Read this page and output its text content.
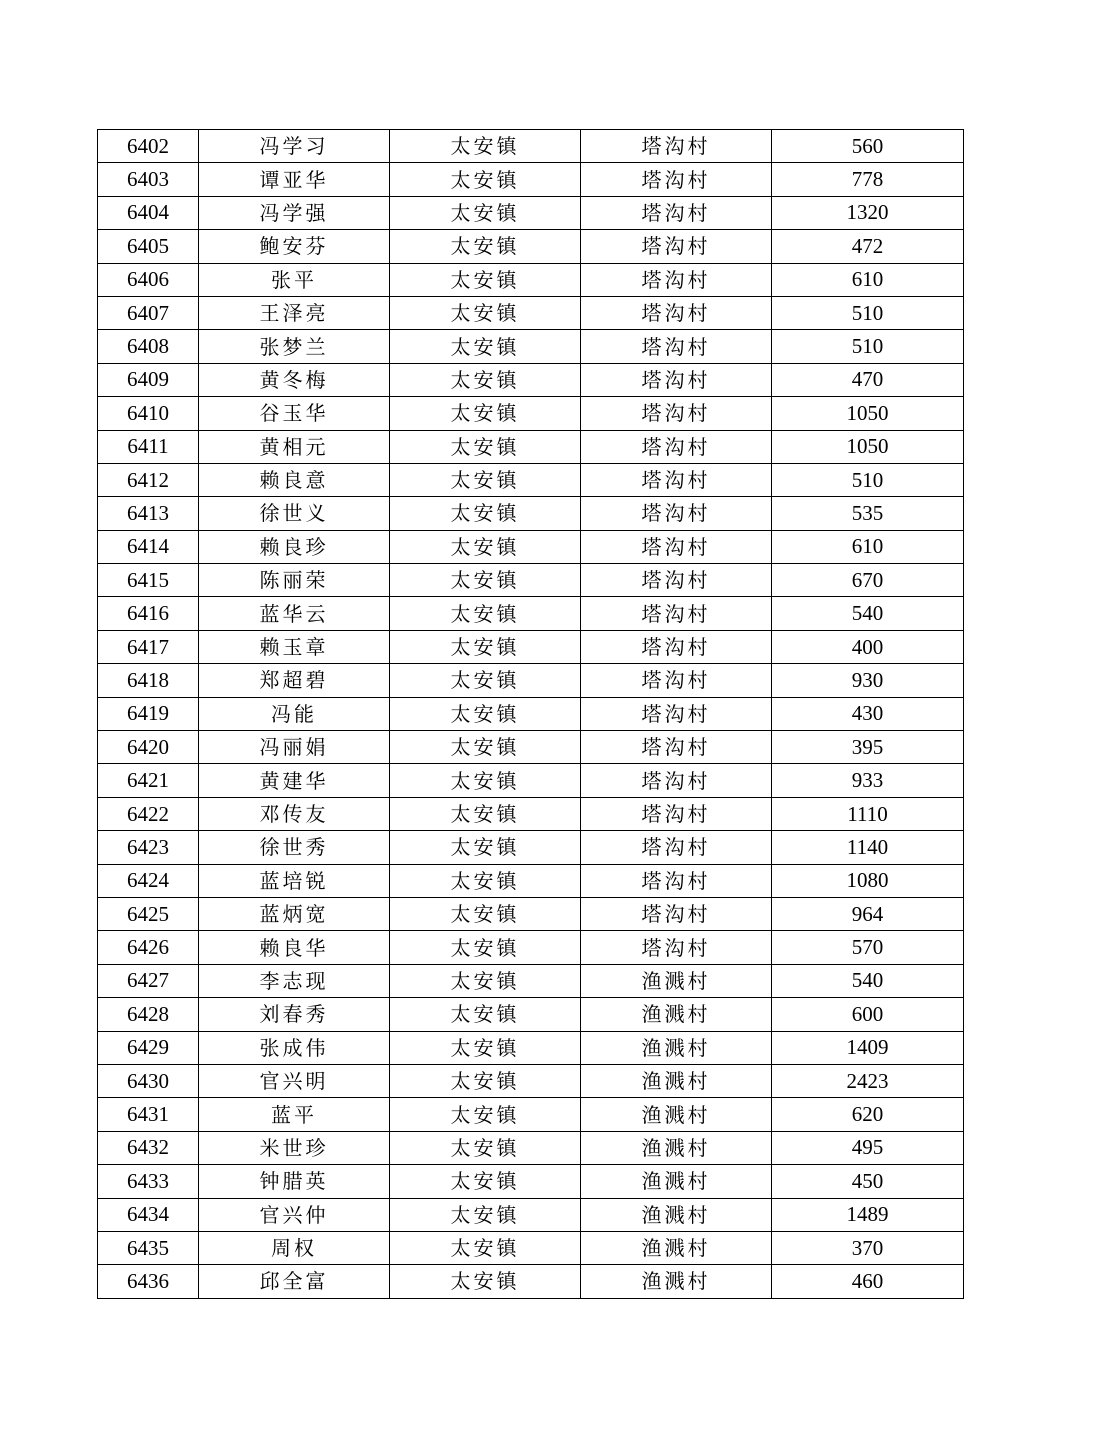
6402	冯学习	太安镇	塔沟村	560
6403	谭亚华	太安镇	塔沟村	778
6404	冯学强	太安镇	塔沟村	1320
6405	鲍安芬	太安镇	塔沟村	472
6406	张平	太安镇	塔沟村	610
6407	王泽亮	太安镇	塔沟村	510
6408	张梦兰	太安镇	塔沟村	510
6409	黄冬梅	太安镇	塔沟村	470
6410	谷玉华	太安镇	塔沟村	1050
6411	黄相元	太安镇	塔沟村	1050
6412	赖良意	太安镇	塔沟村	510
6413	徐世义	太安镇	塔沟村	535
6414	赖良珍	太安镇	塔沟村	610
6415	陈丽荣	太安镇	塔沟村	670
6416	蓝华云	太安镇	塔沟村	540
6417	赖玉章	太安镇	塔沟村	400
6418	郑超碧	太安镇	塔沟村	930
6419	冯能	太安镇	塔沟村	430
6420	冯丽娟	太安镇	塔沟村	395
6421	黄建华	太安镇	塔沟村	933
6422	邓传友	太安镇	塔沟村	1110
6423	徐世秀	太安镇	塔沟村	1140
6424	蓝培锐	太安镇	塔沟村	1080
6425	蓝炳宽	太安镇	塔沟村	964
6426	赖良华	太安镇	塔沟村	570
6427	李志现	太安镇	渔溅村	540
6428	刘春秀	太安镇	渔溅村	600
6429	张成伟	太安镇	渔溅村	1409
6430	官兴明	太安镇	渔溅村	2423
6431	蓝平	太安镇	渔溅村	620
6432	米世珍	太安镇	渔溅村	495
6433	钟腊英	太安镇	渔溅村	450
6434	官兴仲	太安镇	渔溅村	1489
6435	周权	太安镇	渔溅村	370
6436	邱全富	太安镇	渔溅村	460
